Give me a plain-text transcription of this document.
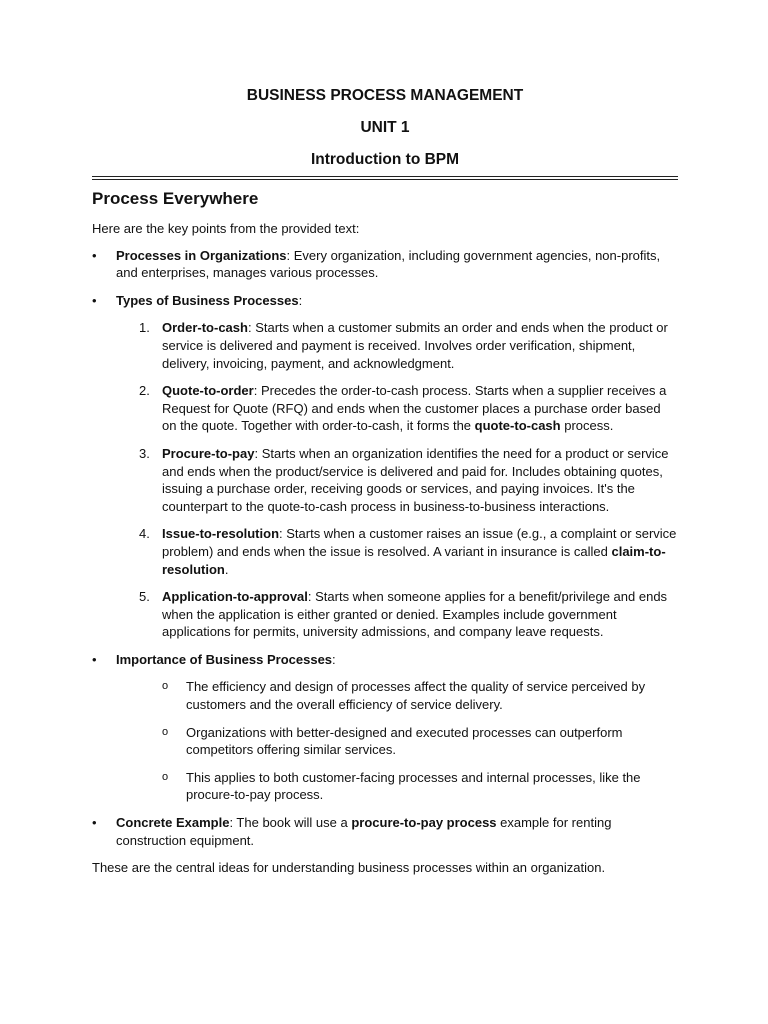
BUSINESS PROCESS MANAGEMENT
UNIT 1
Introduction to BPM
Process Everywhere

Here are the key points from the provided text:

• Processes in Organizations: Every organization, including government agencies, non-profits, and enterprises, manages various processes.
• Types of Business Processes:
1. Order-to-cash: Starts when a customer submits an order and ends when the product or service is delivered and payment is received. Involves order verification, shipment, delivery, invoicing, payment, and acknowledgment.
2. Quote-to-order: Precedes the order-to-cash process. Starts when a supplier receives a Request for Quote (RFQ) and ends when the customer places a purchase order based on the quote. Together with order-to-cash, it forms the quote-to-cash process.
3. Procure-to-pay: Starts when an organization identifies the need for a product or service and ends when the product/service is delivered and paid for. Includes obtaining quotes, issuing a purchase order, receiving goods or services, and paying invoices. It's the counterpart to the quote-to-cash process in business-to-business interactions.
4. Issue-to-resolution: Starts when a customer raises an issue (e.g., a complaint or service problem) and ends when the issue is resolved. A variant in insurance is called claim-to-resolution.
5. Application-to-approval: Starts when someone applies for a benefit/privilege and ends when the application is either granted or denied. Examples include government applications for permits, university admissions, and company leave requests.
• Importance of Business Processes:
o The efficiency and design of processes affect the quality of service perceived by customers and the overall efficiency of service delivery.
o Organizations with better-designed and executed processes can outperform competitors offering similar services.
o This applies to both customer-facing processes and internal processes, like the procure-to-pay process.
• Concrete Example: The book will use a procure-to-pay process example for renting construction equipment.

These are the central ideas for understanding business processes within an organization.
